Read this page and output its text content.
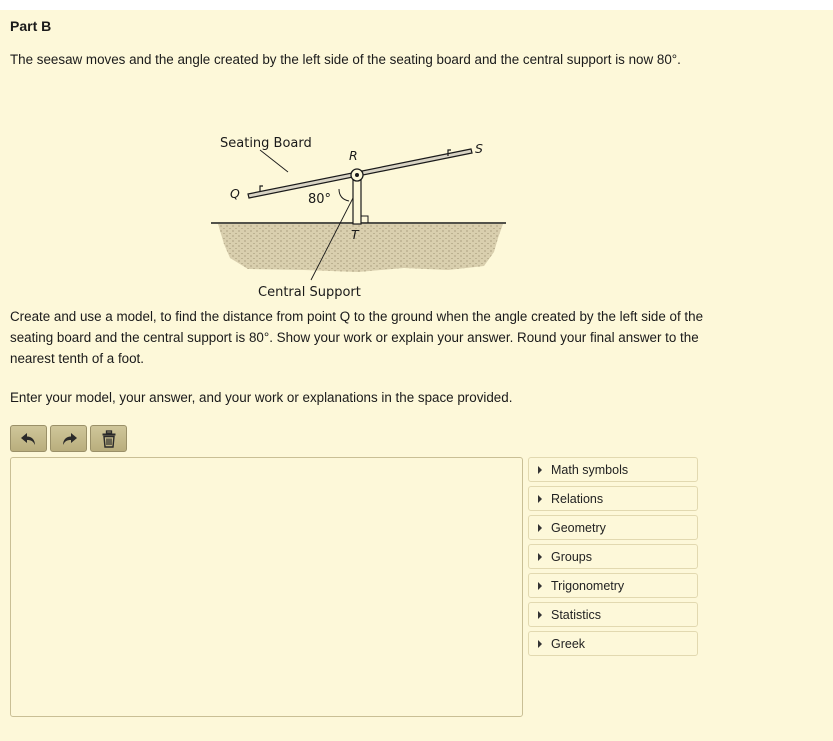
Part B
The seesaw moves and the angle created by the left side of the seating board and the central support is now 80°.
Seating Board
R	S
Q	80°
T
Central Support
Create and use a model, to find the distance from point Q to the ground when the angle created by the left side of the seating board and the central support is 80°. Show your work or explain your answer. Round your final answer to the nearest tenth of a foot.
Enter your model, your answer, and your work or explanations in the space provided.
Math symbols
Relations
Geometry
Groups
Trigonometry
Statistics
Greek
